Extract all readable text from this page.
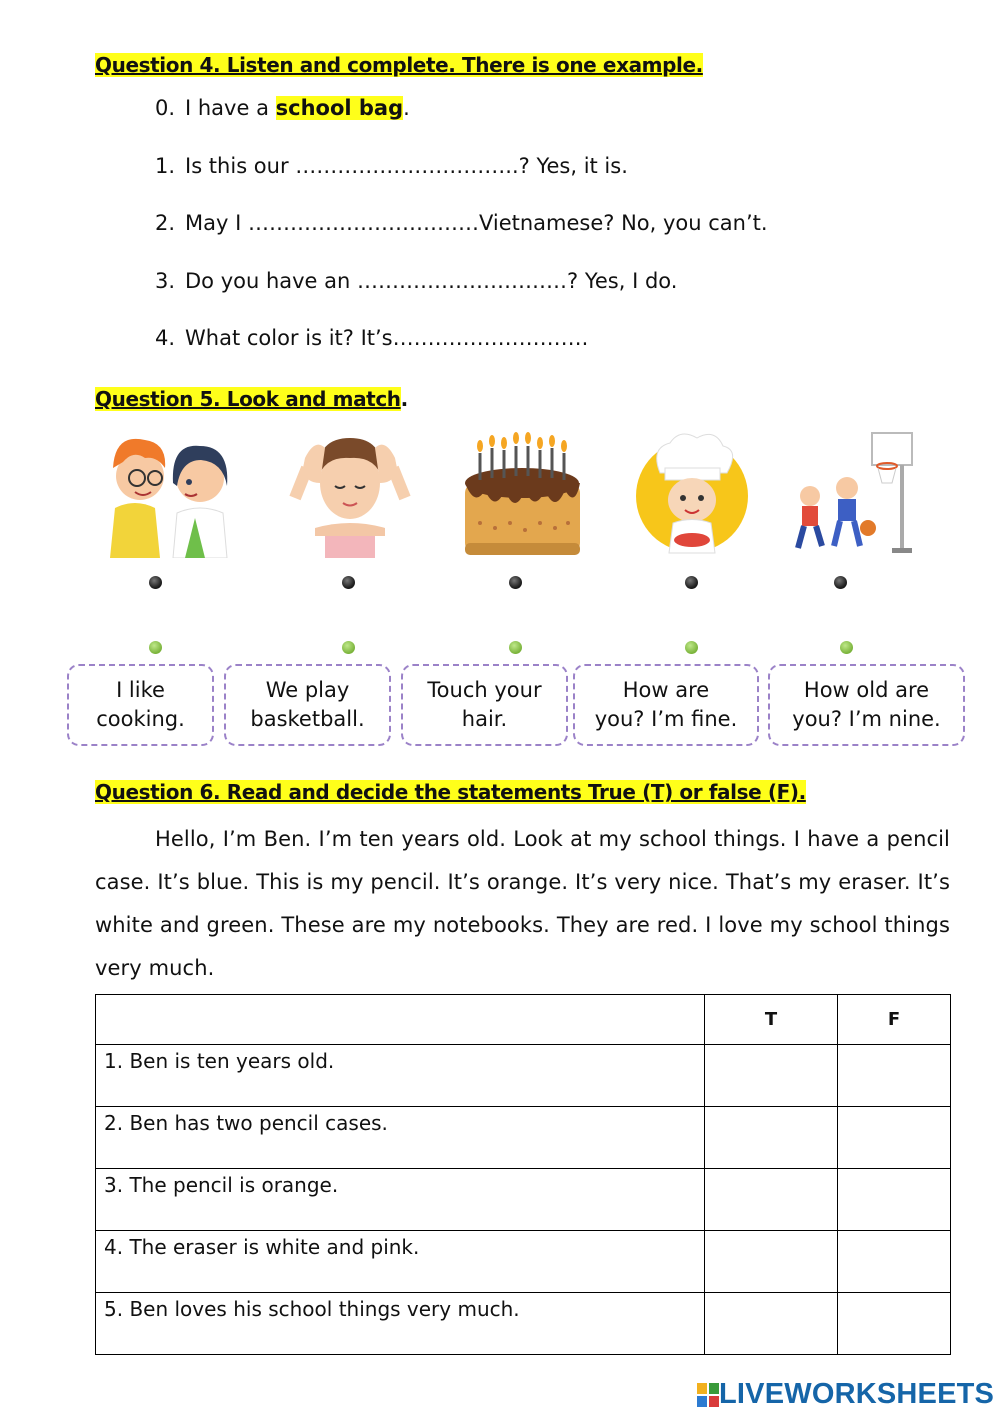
Question 4. Listen and complete. There is one example.
0. I have a school bag.
1. Is this our …………………………..? Yes, it is.
2. May I ……………………………Vietnamese? No, you can’t.
3. Do you have an …………………………? Yes, I do.
4. What color is it? It’s……………………….
Question 5. Look and match.
I like
cooking.
We play
basketball.
Touch your
hair.
How are
you? I’m fine.
How old are
you? I’m nine.
Question 6. Read and decide the statements True (T) or false (F).

Hello, I’m Ben. I’m ten years old. Look at my school things. I have a pencil case. It’s blue. This is my pencil. It’s orange. It’s very nice. That’s my eraser. It’s white and green. These are my notebooks. They are red. I love my school things very much.

	T	F
1. Ben is ten years old.		
2. Ben has two pencil cases.		
3. The pencil is orange.		
4. The eraser is white and pink.		
5. Ben loves his school things very much.		
LIVEWORKSHEETS
